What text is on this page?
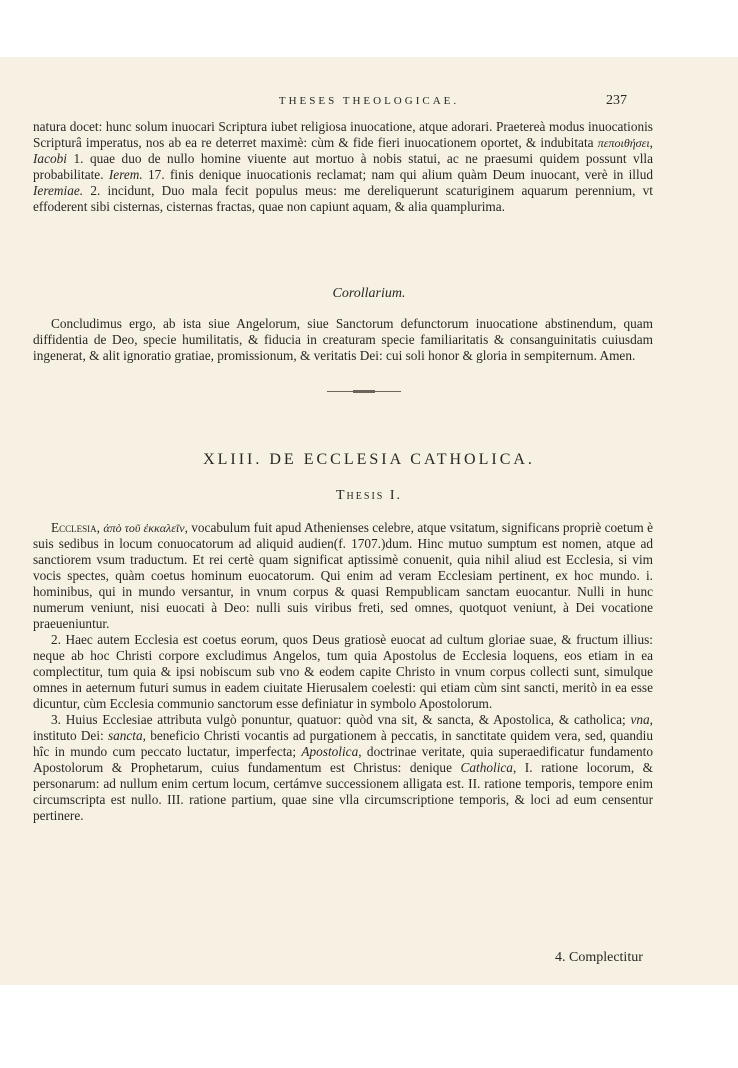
THESES THEOLOGICAE.	237

natura docet: hunc solum inuocari Scriptura iubet religiosa inuocatione, atque adorari. Praetereà modus inuocationis Scripturâ imperatus, nos ab ea re deterret maximè: cùm & fide fieri inuocationem oportet, & indubitata πεποιθήσει, Iacobi 1. quae duo de nullo homine viuente aut mortuo à nobis statui, ac ne praesumi quidem possunt vlla probabilitate. Ierem. 17. finis denique inuocationis reclamat; nam qui alium quàm Deum inuocant, verè in illud Ieremiae. 2. incidunt, Duo mala fecit populus meus: me dereliquerunt scaturiginem aquarum perennium, vt effoderent sibi cisternas, cisternas fractas, quae non capiunt aquam, & alia quamplurima.

Corollarium.

Concludimus ergo, ab ista siue Angelorum, siue Sanctorum defunctorum inuocatione abstinendum, quam diffidentia de Deo, specie humilitatis, & fiducia in creaturam specie familiaritatis & consanguinitatis cuiusdam ingenerat, & alit ignoratio gratiae, promissionum, & veritatis Dei: cui soli honor & gloria in sempiternum. Amen.

XLIII. DE ECCLESIA CATHOLICA.
Thesis I.

Ecclesia, ἀπὸ τοῦ ἐκκαλεῖν, vocabulum fuit apud Athenienses celebre, atque vsitatum, significans propriè coetum è suis sedibus in locum conuocatorum ad aliquid audien(f. 1707.)dum. Hinc mutuo sumptum est nomen, atque ad sanctiorem vsum traductum. Et rei certè quam significat aptissimè conuenit, quia nihil aliud est Ecclesia, si vim vocis spectes, quàm coetus hominum euocatorum. Qui enim ad veram Ecclesiam pertinent, ex hoc mundo. i. hominibus, qui in mundo versantur, in vnum corpus & quasi Rempublicam sanctam euocantur. Nulli in hunc numerum veniunt, nisi euocati à Deo: nulli suis viribus freti, sed omnes, quotquot veniunt, à Dei vocatione praeueniuntur.

2. Haec autem Ecclesia est coetus eorum, quos Deus gratiosè euocat ad cultum gloriae suae, & fructum illius: neque ab hoc Christi corpore excludimus Angelos, tum quia Apostolus de Ecclesia loquens, eos etiam in ea complectitur, tum quia & ipsi nobiscum sub vno & eodem capite Christo in vnum corpus collecti sunt, simulque omnes in aeternum futuri sumus in eadem ciuitate Hierusalem coelesti: qui etiam cùm sint sancti, meritò in ea esse dicuntur, cùm Ecclesia communio sanctorum esse definiatur in symbolo Apostolorum.

3. Huius Ecclesiae attributa vulgò ponuntur, quatuor: quòd vna sit, & sancta, & Apostolica, & catholica; vna, instituto Dei: sancta, beneficio Christi vocantis ad purgationem à peccatis, in sanctitate quidem vera, sed, quandiu hîc in mundo cum peccato luctatur, imperfecta; Apostolica, doctrinae veritate, quia superaedificatur fundamento Apostolorum & Prophetarum, cuius fundamentum est Christus: denique Catholica, I. ratione locorum, & personarum: ad nullum enim certum locum, certámve successionem alligata est. II. ratione temporis, tempore enim circumscripta est nullo. III. ratione partium, quae sine vlla circumscriptione temporis, & loci ad eum censentur pertinere.

4. Complectitur
